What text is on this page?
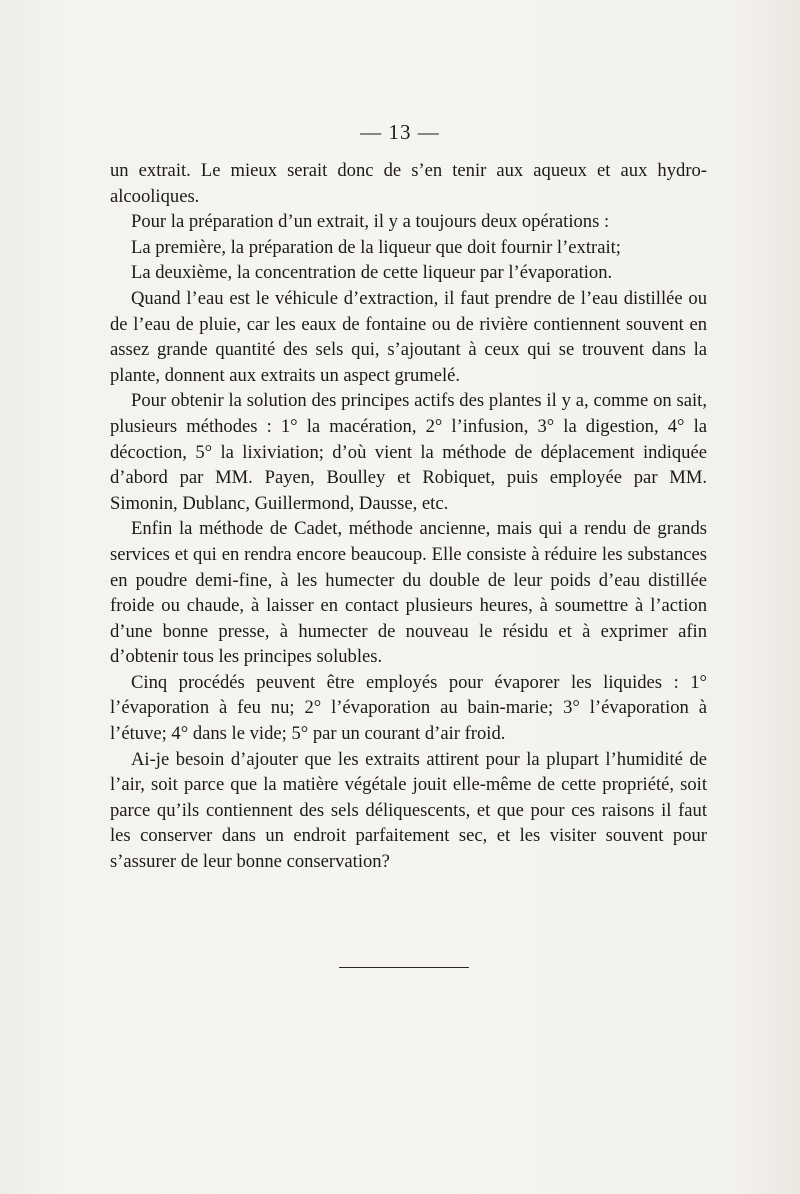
— 13 —

un extrait. Le mieux serait donc de s’en tenir aux aqueux et aux hydro-alcooliques.

Pour la préparation d’un extrait, il y a toujours deux opérations :

La première, la préparation de la liqueur que doit fournir l’extrait;

La deuxième, la concentration de cette liqueur par l’évaporation.

Quand l’eau est le véhicule d’extraction, il faut prendre de l’eau distillée ou de l’eau de pluie, car les eaux de fontaine ou de rivière contiennent souvent en assez grande quantité des sels qui, s’ajoutant à ceux qui se trouvent dans la plante, donnent aux extraits un aspect grumelé.

Pour obtenir la solution des principes actifs des plantes il y a, comme on sait, plusieurs méthodes : 1° la macération, 2° l’infusion, 3° la digestion, 4° la décoction, 5° la lixiviation; d’où vient la méthode de déplacement indiquée d’abord par MM. Payen, Boulley et Robiquet, puis employée par MM. Simonin, Dublanc, Guillermond, Dausse, etc.

Enfin la méthode de Cadet, méthode ancienne, mais qui a rendu de grands services et qui en rendra encore beaucoup. Elle consiste à réduire les substances en poudre demi-fine, à les humecter du double de leur poids d’eau distillée froide ou chaude, à laisser en contact plusieurs heures, à soumettre à l’action d’une bonne presse, à humecter de nouveau le résidu et à exprimer afin d’obtenir tous les principes solubles.

Cinq procédés peuvent être employés pour évaporer les liquides : 1° l’évaporation à feu nu; 2° l’évaporation au bain-marie; 3° l’évaporation à l’étuve; 4° dans le vide; 5° par un courant d’air froid.

Ai-je besoin d’ajouter que les extraits attirent pour la plupart l’humidité de l’air, soit parce que la matière végétale jouit elle-même de cette propriété, soit parce qu’ils contiennent des sels déliquescents, et que pour ces raisons il faut les conserver dans un endroit parfaitement sec, et les visiter souvent pour s’assurer de leur bonne conservation?
